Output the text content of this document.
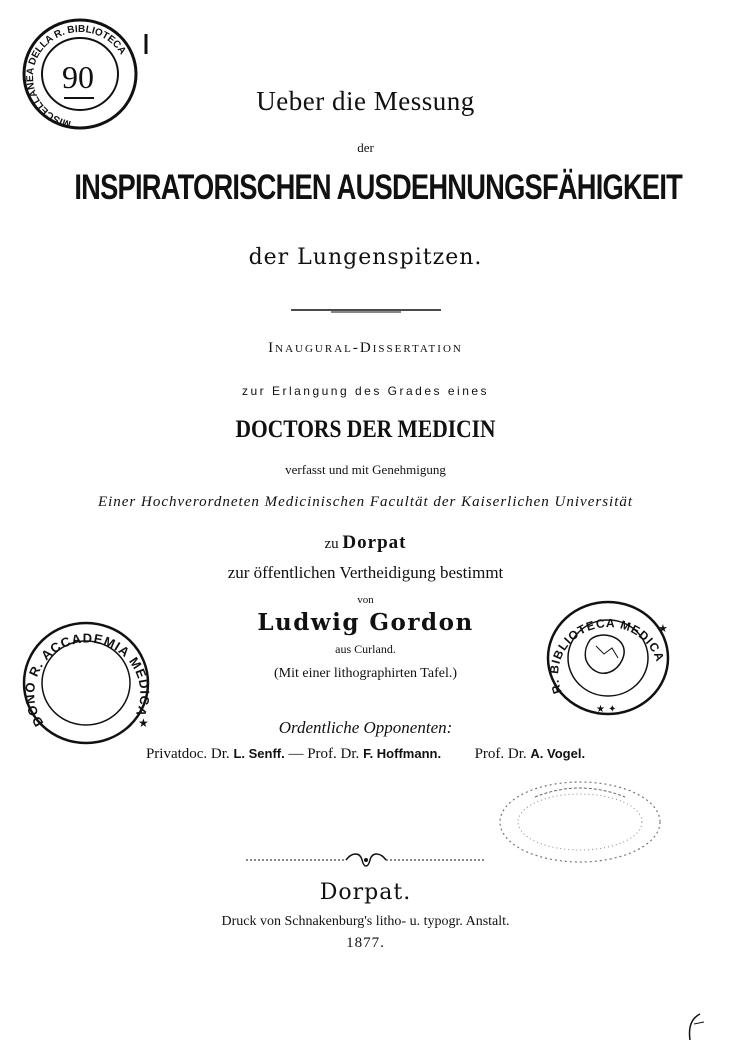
MISCELLANEA DELLA R. BIBLIOTECA
90
Ueber die Messung
der
INSPIRATORISCHEN AUSDEHNUNGSFÄHIGKEIT
der Lungenspitzen.
Inaugural-Dissertation
zur Erlangung des Grades eines
DOCTORS DER MEDICIN
verfasst und mit Genehmigung
Einer Hochverordneten Medicinischen Facultät der Kaiserlichen Universität
zu Dorpat
zur öffentlichen Vertheidigung bestimmt
von
Ludwig Gordon
aus Curland.
(Mit einer lithographirten Tafel.)
Ordentliche Opponenten:
Privatdoc. Dr. L. Senff. — Prof. Dr. F. Hoffmann. Prof. Dr. A. Vogel.
DONO R. ACCADEMIA MEDICA
★
R. BIBLIOTECA MEDICA
★
★ ✦
Dorpat.
Druck von Schnakenburg's litho- u. typogr. Anstalt.
1877.
